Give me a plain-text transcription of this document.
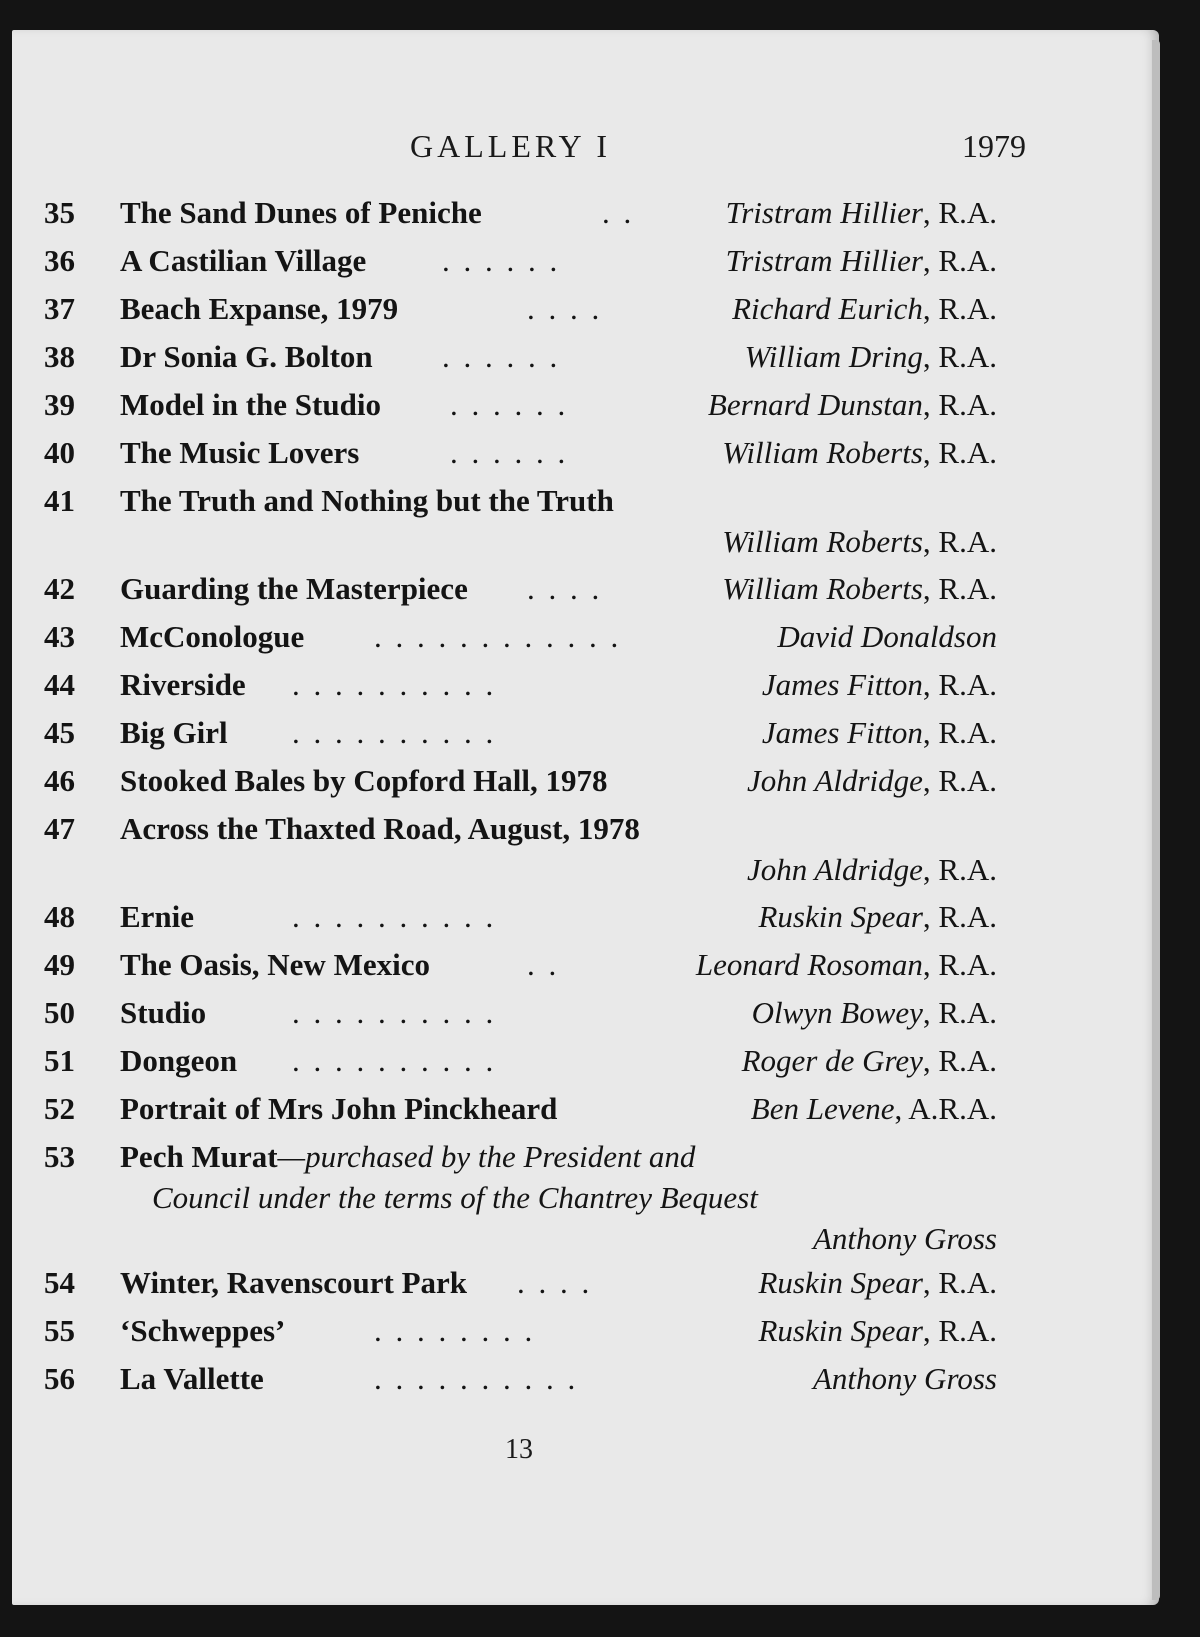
GALLERY I	1979
35	The Sand Dunes of Peniche	. .	Tristram Hillier, R.A.
36	A Castilian Village . . . . . .	Tristram Hillier, R.A.
37	Beach Expanse, 1979	. . . .	Richard Eurich, R.A.
38	Dr Sonia G. Bolton . . . . . .	William Dring, R.A.
39	Model in the Studio . . . . . .	Bernard Dunstan, R.A.
40	The Music Lovers	. . . . . .	William Roberts, R.A.
41	The Truth and Nothing but the Truth
William Roberts, R.A.
42	Guarding the Masterpiece . . . .	William Roberts, R.A.
43	McConologue . . . . . . . . . . . .	David Donaldson
44	Riverside . . . . . . . . . .	James Fitton, R.A.
45	Big Girl . . . . . . . . . .	James Fitton, R.A.
46	Stooked Bales by Copford Hall, 1978	John Aldridge, R.A.
47	Across the Thaxted Road, August, 1978
John Aldridge, R.A.
48	Ernie	. . . . . . . . . .	Ruskin Spear, R.A.
49	The Oasis, New Mexico	. .	Leonard Rosoman, R.A.
50	Studio	. . . . . . . . . .	Olwyn Bowey, R.A.
51	Dongeon . . . . . . . . . .	Roger de Grey, R.A.
52	Portrait of Mrs John Pinckheard	Ben Levene, A.R.A.
53	Pech Murat—purchased by the President and
Council under the terms of the Chantrey Bequest
Anthony Gross
54	Winter, Ravenscourt Park . . . .	Ruskin Spear, R.A.
55	‘Schweppes’	. . . . . . . .	Ruskin Spear, R.A.
56	La Vallette	. . . . . . . . . .	Anthony Gross
13
